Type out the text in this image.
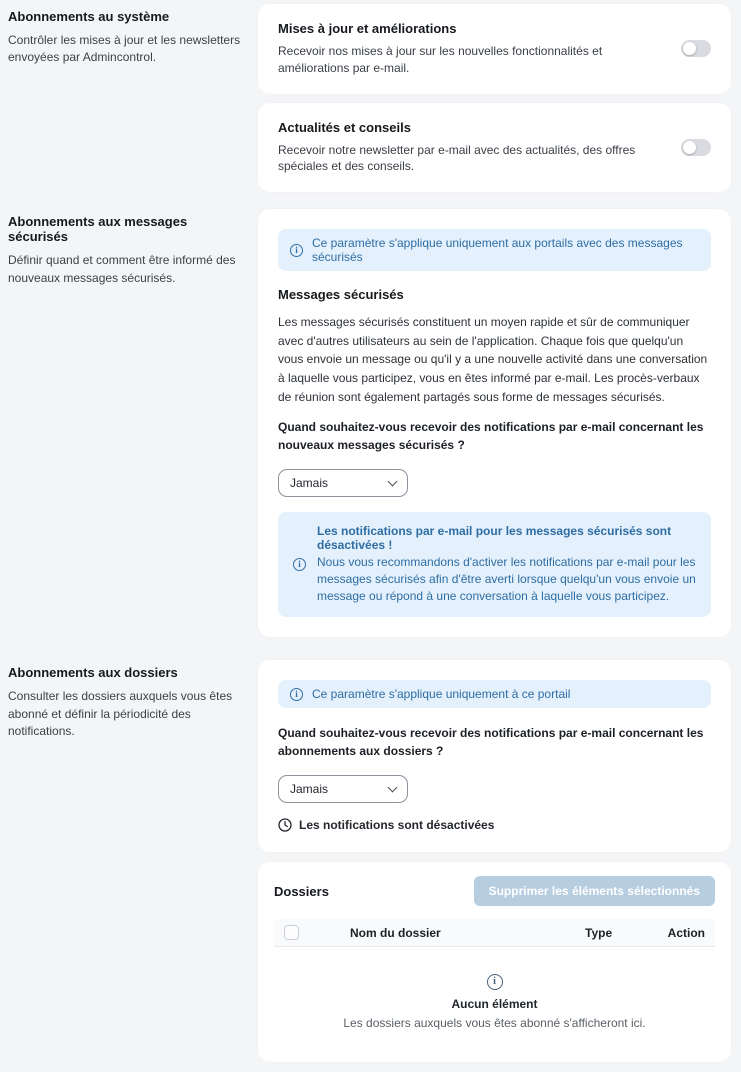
Abonnements au système
Contrôler les mises à jour et les newsletters envoyées par Admincontrol.
Mises à jour et améliorations
Recevoir nos mises à jour sur les nouvelles fonctionnalités et améliorations par e-mail.
Actualités et conseils
Recevoir notre newsletter par e-mail avec des actualités, des offres spéciales et des conseils.
Abonnements aux messages sécurisés
Définir quand et comment être informé des nouveaux messages sécurisés.
i
Ce paramètre s'applique uniquement aux portails avec des messages sécurisés
Messages sécurisés
Les messages sécurisés constituent un moyen rapide et sûr de communiquer avec d'autres utilisateurs au sein de l'application. Chaque fois que quelqu'un vous envoie un message ou qu'il y a une nouvelle activité dans une conversation à laquelle vous participez, vous en êtes informé par e-mail. Les procès-verbaux de réunion sont également partagés sous forme de messages sécurisés.
Quand souhaitez-vous recevoir des notifications par e-mail concernant les nouveaux messages sécurisés ?
Jamais
i
Les notifications par e-mail pour les messages sécurisés sont désactivées !
Nous vous recommandons d'activer les notifications par e-mail pour les messages sécurisés afin d'être averti lorsque quelqu'un vous envoie un message ou répond à une conversation à laquelle vous participez.
Abonnements aux dossiers
Consulter les dossiers auxquels vous êtes abonné et définir la périodicité des notifications.
i
Ce paramètre s'applique uniquement à ce portail
Quand souhaitez-vous recevoir des notifications par e-mail concernant les abonnements aux dossiers ?
Jamais
Les notifications sont désactivées
Dossiers	Supprimer les éléments sélectionnés
Nom du dossier	Type	Action
i
Aucun élément
Les dossiers auxquels vous êtes abonné s'afficheront ici.
